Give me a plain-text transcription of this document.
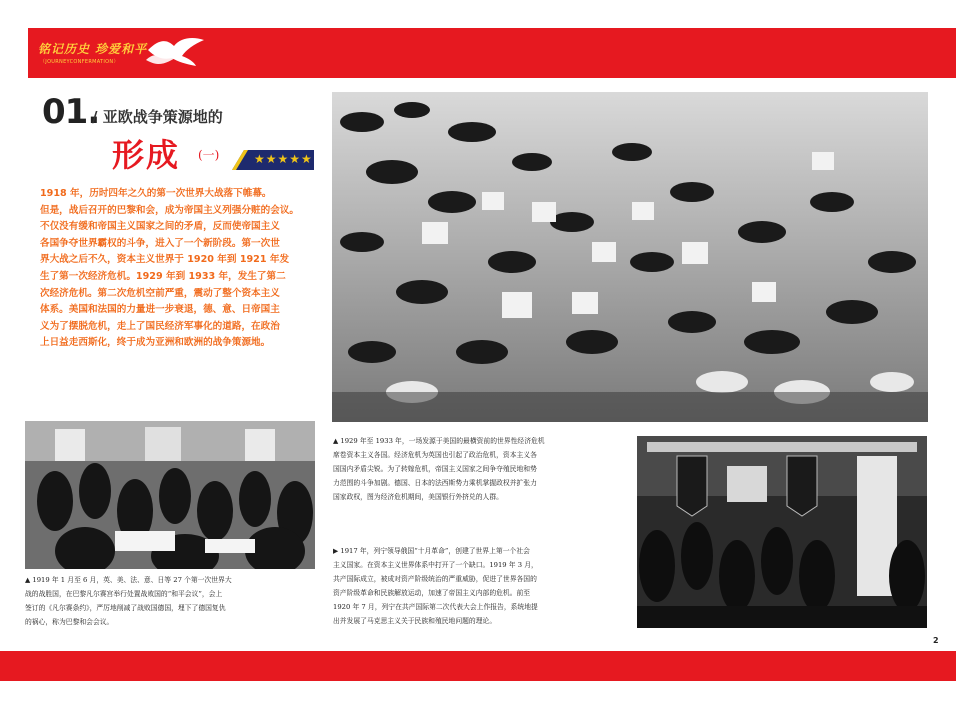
铭记历史 珍爱和平
（JOURNEYCONFERMATION）
01.
/ 亚欧战争策源地的
形成 (一)	★★★★★
1918 年，历时四年之久的第一次世界大战落下帷幕。
但是，战后召开的巴黎和会，成为帝国主义列强分赃的会议。
不仅没有缓和帝国主义国家之间的矛盾，反而使帝国主义
各国争夺世界霸权的斗争，进入了一个新阶段。第一次世
界大战之后不久，资本主义世界于 1920 年到 1921 年发
生了第一次经济危机。1929 年到 1933 年，发生了第二
次经济危机。第二次危机空前严重，震动了整个资本主义
体系。美国和法国的力量进一步衰退，德、意、日帝国主
义为了摆脱危机，走上了国民经济军事化的道路，在政治
上日益走西斯化，终于成为亚洲和欧洲的战争策源地。
▲ 1919 年 1 月至 6 月，英、美、法、意、日等 27 个第一次世界大
战的战胜国，在巴黎凡尔赛宫举行处置战败国的“和平会议”，会上
签订的《凡尔赛条约》，严厉地削减了战败国德国，埋下了德国复仇
的祸心，称为巴黎和会会议。
▲ 1929 年至 1933 年，一场发源于美国的最横资前的世界性经济危机
席卷资本主义各国。经济危机为英国也引起了政治危机，资本主义各
国国内矛盾尖锐。为了转嫁危机，帝国主义国家之间争夺殖民地和势
力范围的斗争加剧。德国、日本的法西斯势力乘机掌握政权并扩张力
国家政权，图为经济危机期间，美国银行外挤兑的人群。
▶ 1917 年，列宁领导俄国“十月革命”，创建了世界上第一个社会
主义国家。在资本主义世界体系中打开了一个缺口。1919 年 3 月，
共产国际成立，被成对资产阶级统治的严重威胁，促进了世界各国的
资产阶级革命和民族解放运动，加速了帝国主义内部的危机。前至
1920 年 7 月，列宁在共产国际第二次代表大会上作报告，系统地提
出并发展了马克思主义关于民族和殖民地问题的理论。
2
